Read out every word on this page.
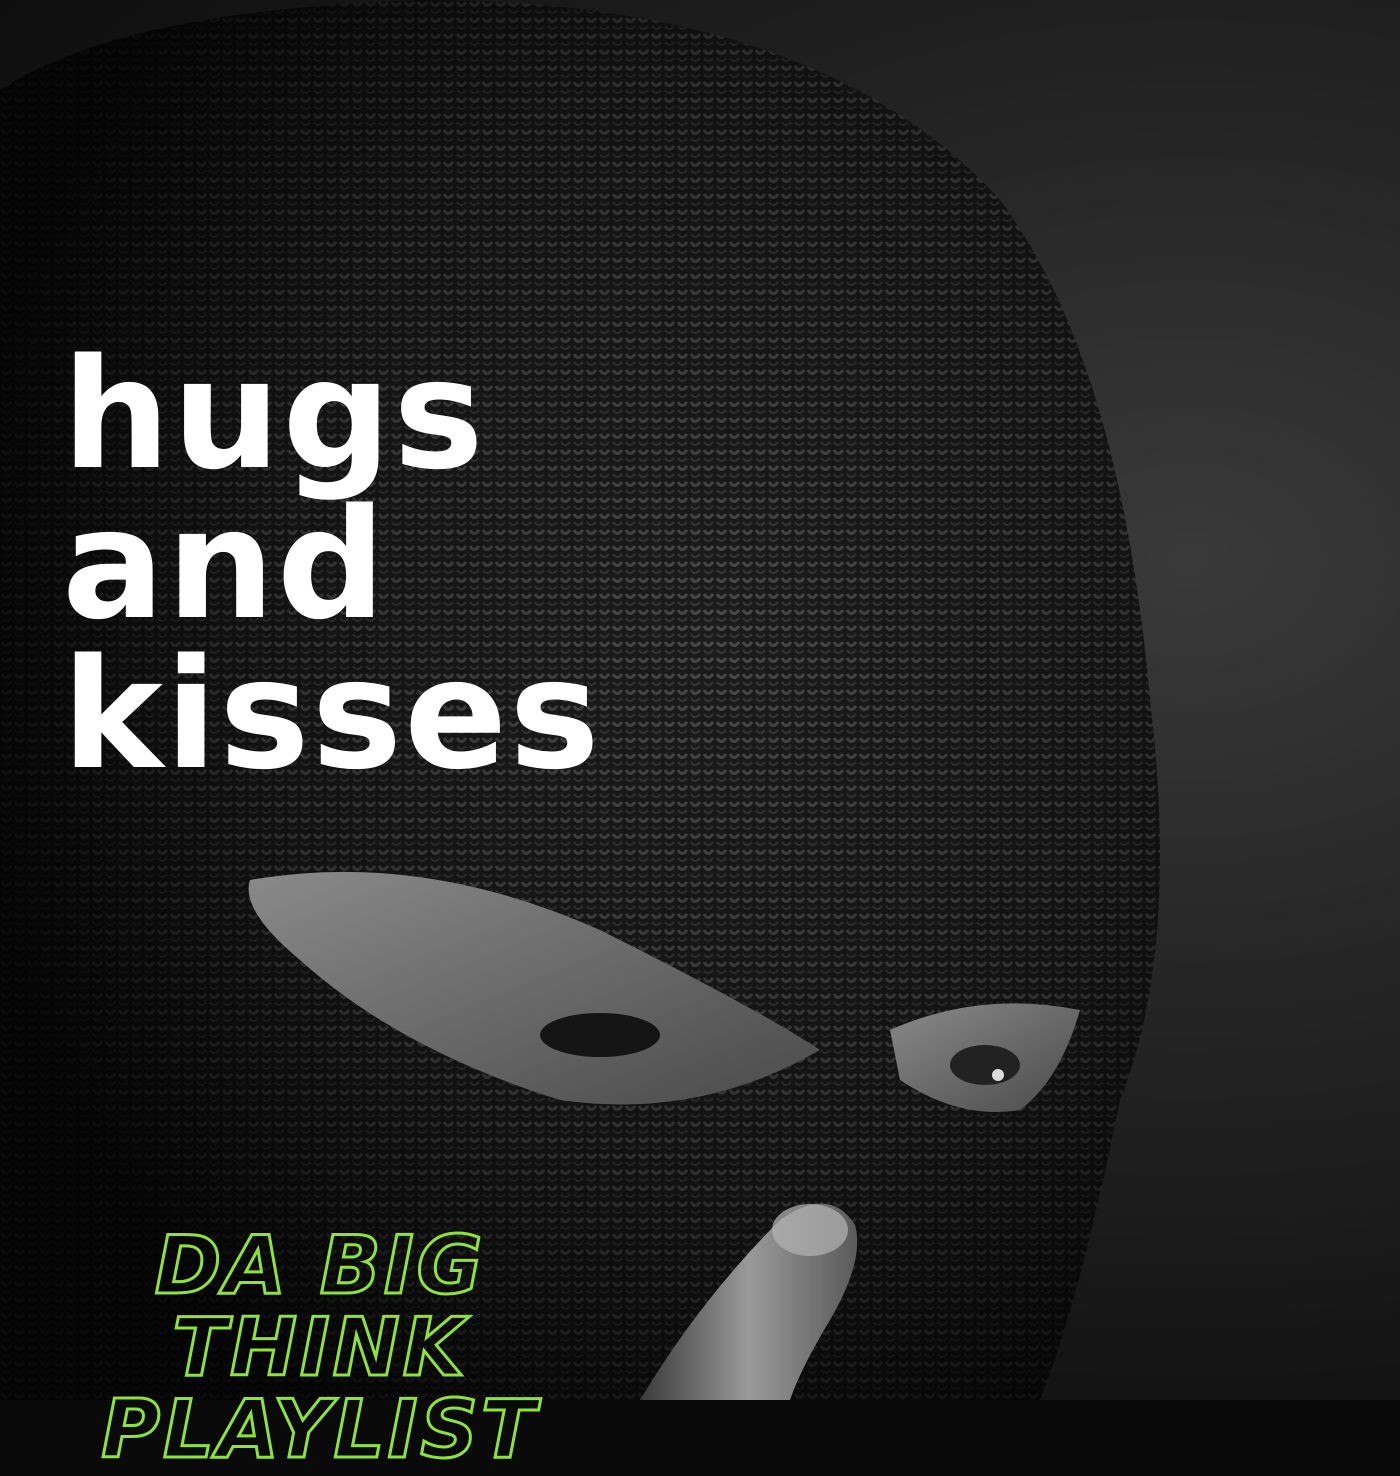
hugs
and
kisses
DA BIG THINK
PLAYLIST
